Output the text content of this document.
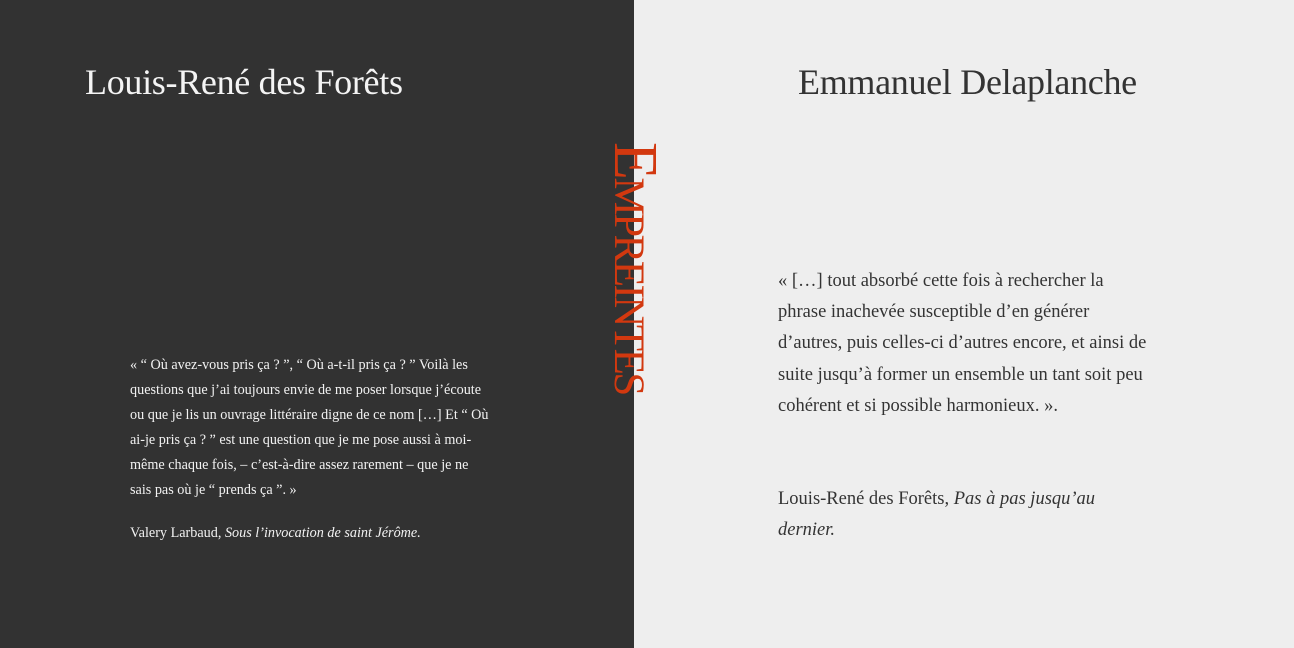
Louis-René des Forêts

« “ Où avez-vous pris ça ? ”, “ Où a-t-il pris ça ? ” Voilà les questions que j’ai toujours envie de me poser lorsque j’écoute ou que je lis un ouvrage littéraire digne de ce nom […] Et “ Où ai-je pris ça ? ” est une question que je me pose aussi à moi-même chaque fois, – c’est-à-dire assez rarement – que je ne sais pas où je “ prends ça ”. »

Valery Larbaud, Sous l’invocation de saint Jérôme.

Empreintes
Emmanuel Delaplanche

« […] tout absorbé cette fois à rechercher la phrase inachevée susceptible d’en générer d’autres, puis celles-ci d’autres encore, et ainsi de suite jusqu’à former un ensemble un tant soit peu cohérent et si possible harmonieux. ».

Louis-René des Forêts, Pas à pas jusqu’au dernier.
